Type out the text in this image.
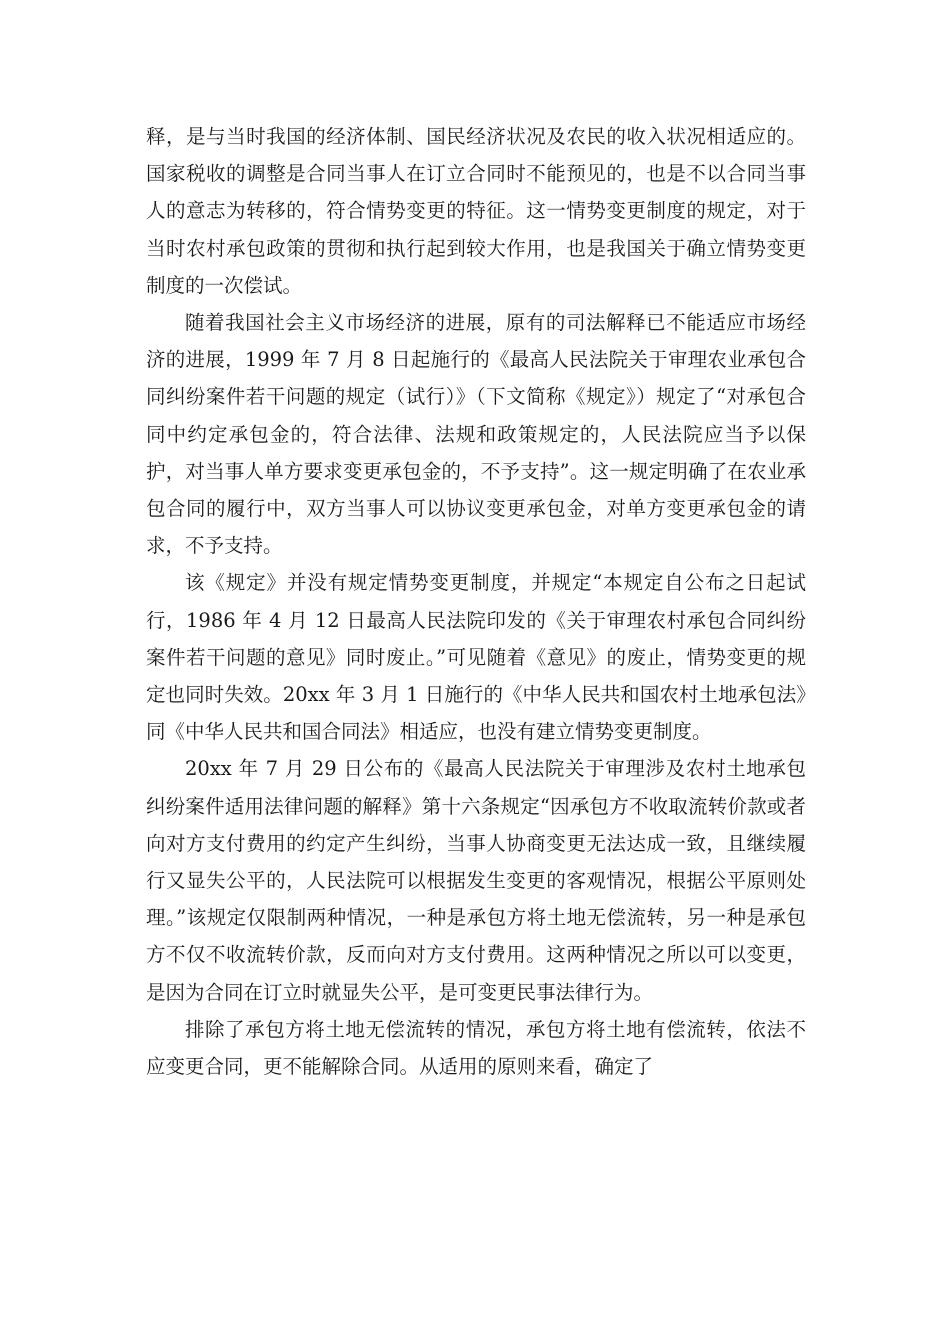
释，是与当时我国的经济体制、国民经济状况及农民的收入状况相适应的。 国家税收的调整是合同当事人在订立合同时不能预见的，也是不以合同当事人的意志为转移的，符合情势变更的特征。这一情势变更制度的规定，对于当时农村承包政策的贯彻和执行起到较大作用，也是我国关于确立情势变更制度的一次偿试。

随着我国社会主义市场经济的进展，原有的司法解释已不能适应市场经济的进展，1999 年 7 月 8 日起施行的《最高人民法院关于审理农业承包合同纠纷案件若干问题的规定（试行）》（下文简称《规定》）规定了“对承包合同中约定承包金的，符合法律、法规和政策规定的，人民法院应当予以保护，对当事人单方要求变更承包金的，不予支持”。这一规定明确了在农业承包合同的履行中，双方当事人可以协议变更承包金，对单方变更承包金的请求，不予支持。

该《规定》并没有规定情势变更制度，并规定“本规定自公布之日起试行，1986 年 4 月 12 日最高人民法院印发的《关于审理农村承包合同纠纷案件若干问题的意见》同时废止。”可见随着《意见》的废止，情势变更的规定也同时失效。20xx 年 3 月 1 日施行的《中华人民共和国农村土地承包法》同《中华人民共和国合同法》相适应，也没有建立情势变更制度。

20xx 年 7 月 29 日公布的《最高人民法院关于审理涉及农村土地承包纠纷案件适用法律问题的解释》第十六条规定“因承包方不收取流转价款或者向对方支付费用的约定产生纠纷，当事人协商变更无法达成一致，且继续履行又显失公平的，人民法院可以根据发生变更的客观情况，根据公平原则处理。”该规定仅限制两种情况，一种是承包方将土地无偿流转，另一种是承包方不仅不收流转价款，反而向对方支付费用。这两种情况之所以可以变更，是因为合同在订立时就显失公平，是可变更民事法律行为。

排除了承包方将土地无偿流转的情况，承包方将土地有偿流转，依法不应变更合同，更不能解除合同。从适用的原则来看，确定了
